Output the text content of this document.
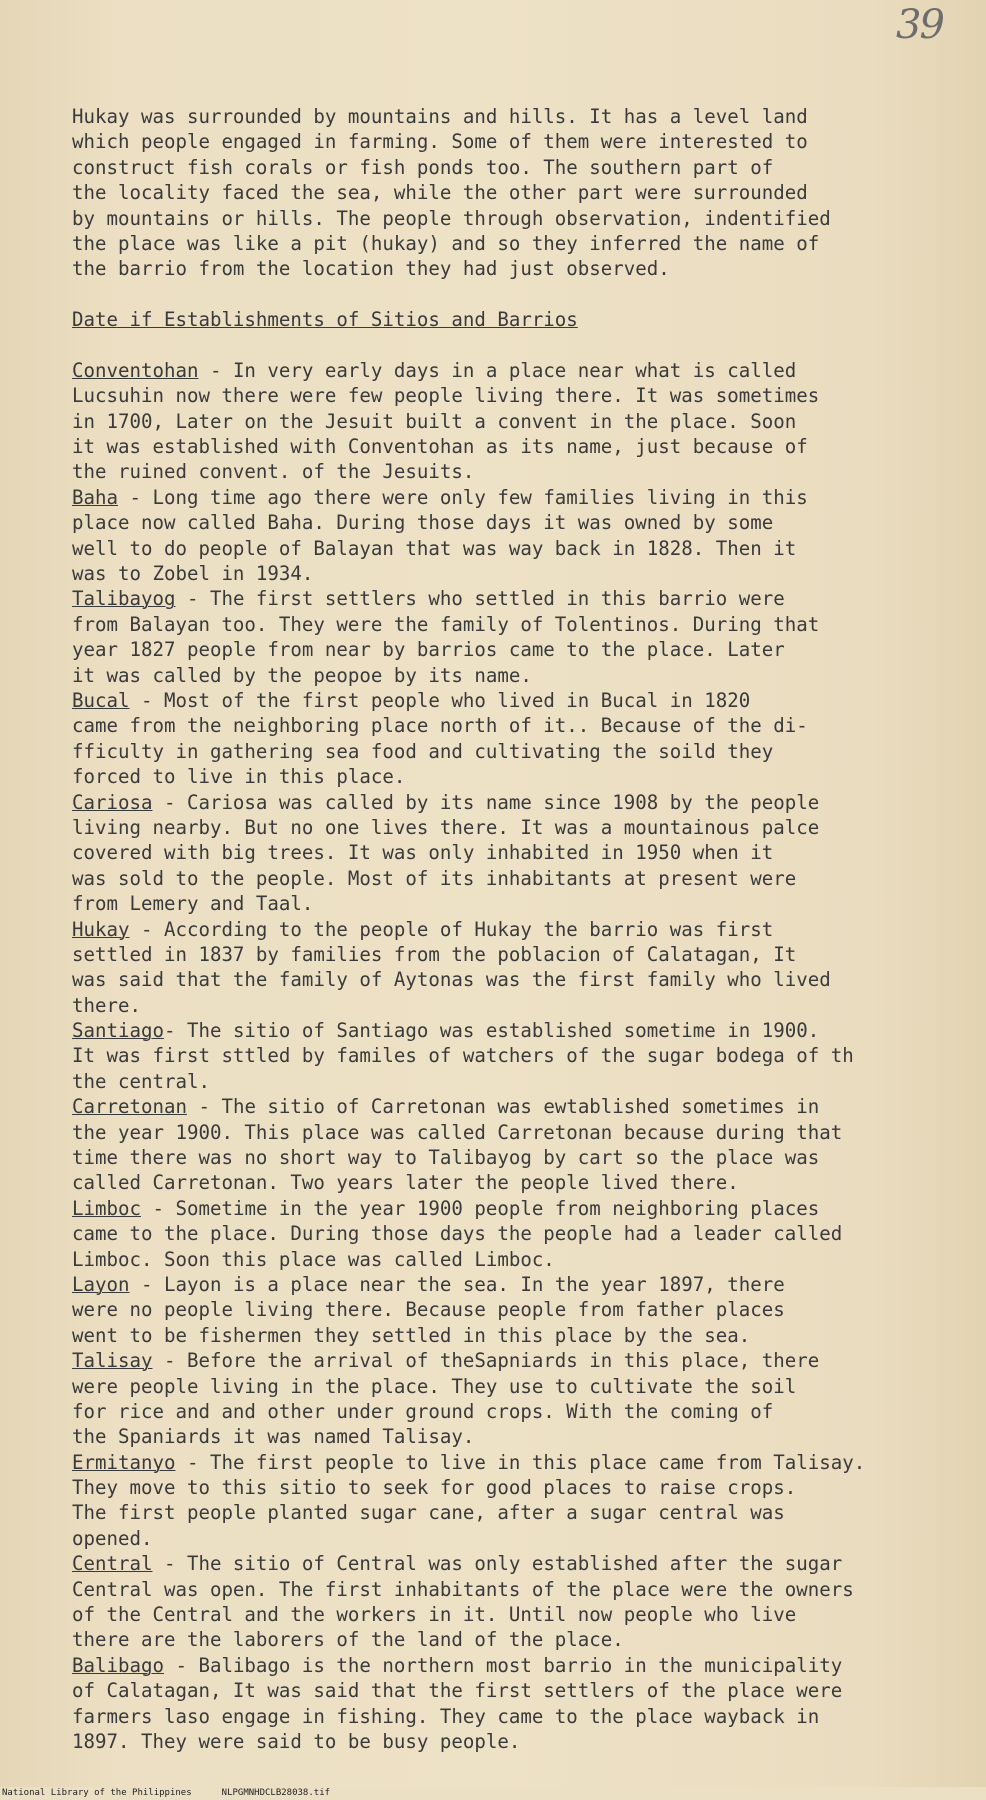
39

Hukay was surrounded by mountains and hills. It has a level land

which people engaged in farming. Some of them were interested to

construct fish corals or fish ponds too. The southern part of

the locality faced the sea, while the other part were surrounded

by mountains or hills. The people through observation, indentified

the place was like a pit (hukay) and so they inferred the name of

the barrio from the location they had just observed.

Date if Establishments of Sitios and Barrios

Conventohan - In very early days in a place near what is called

Lucsuhin now there were few people living there. It was sometimes

in 1700, Later on the Jesuit built a convent in the place. Soon

it was established with Conventohan as its name, just because of

the ruined convent. of the Jesuits.

Baha - Long time ago there were only few families living in this

place now called Baha. During those days it was owned by some

well to do people of Balayan that was way back in 1828. Then it

was to Zobel in 1934.

Talibayog - The first settlers who settled in this barrio were

from Balayan too. They were the family of Tolentinos. During that

year 1827 people from near by barrios came to the place. Later

it was called by the peopoe by its name.

Bucal - Most of the first people who lived in Bucal in 1820

came from the neighboring place north of it.. Because of the di-

fficulty in gathering sea food and cultivating the soild they

forced to live in this place.

Cariosa - Cariosa was called by its name since 1908 by the people

living nearby. But no one lives there. It was a mountainous palce

covered with big trees. It was only inhabited in 1950 when it

was sold to the people. Most of its inhabitants at present were

from Lemery and Taal.

Hukay - According to the people of Hukay the barrio was first

settled in 1837 by families from the poblacion of Calatagan, It

was said that the family of Aytonas was the first family who lived

there.

Santiago- The sitio of Santiago was established sometime in 1900.

It was first sttled by familes of watchers of the sugar bodega of th

the central.

Carretonan - The sitio of Carretonan was ewtablished sometimes in

the year 1900. This place was called Carretonan because during that

time there was no short way to Talibayog by cart so the place was

called Carretonan. Two years later the people lived there.

Limboc - Sometime in the year 1900 people from neighboring places

came to the place. During those days the people had a leader called

Limboc. Soon this place was called Limboc.

Layon - Layon is a place near the sea. In the year 1897, there

were no people living there. Because people from father places

went to be fishermen they settled in this place by the sea.

Talisay - Before the arrival of theSapniards in this place, there

were people living in the place. They use to cultivate the soil

for rice and and other under ground crops. With the coming of

the Spaniards it was named Talisay.

Ermitanyo - The first people to live in this place came from Talisay.

They move to this sitio to seek for good places to raise crops.

The first people planted sugar cane, after a sugar central was

opened.

Central - The sitio of Central was only established after the sugar

Central was open. The first inhabitants of the place were the owners

of the Central and the workers in it. Until now people who live

there are the laborers of the land of the place.

Balibago - Balibago is the northern most barrio in the municipality

of Calatagan, It was said that the first settlers of the place were

farmers laso engage in fishing. They came to the place wayback in

1897. They were said to be busy people.

National Library of the Philippines	NLPGMNHDCLB28038.tif
